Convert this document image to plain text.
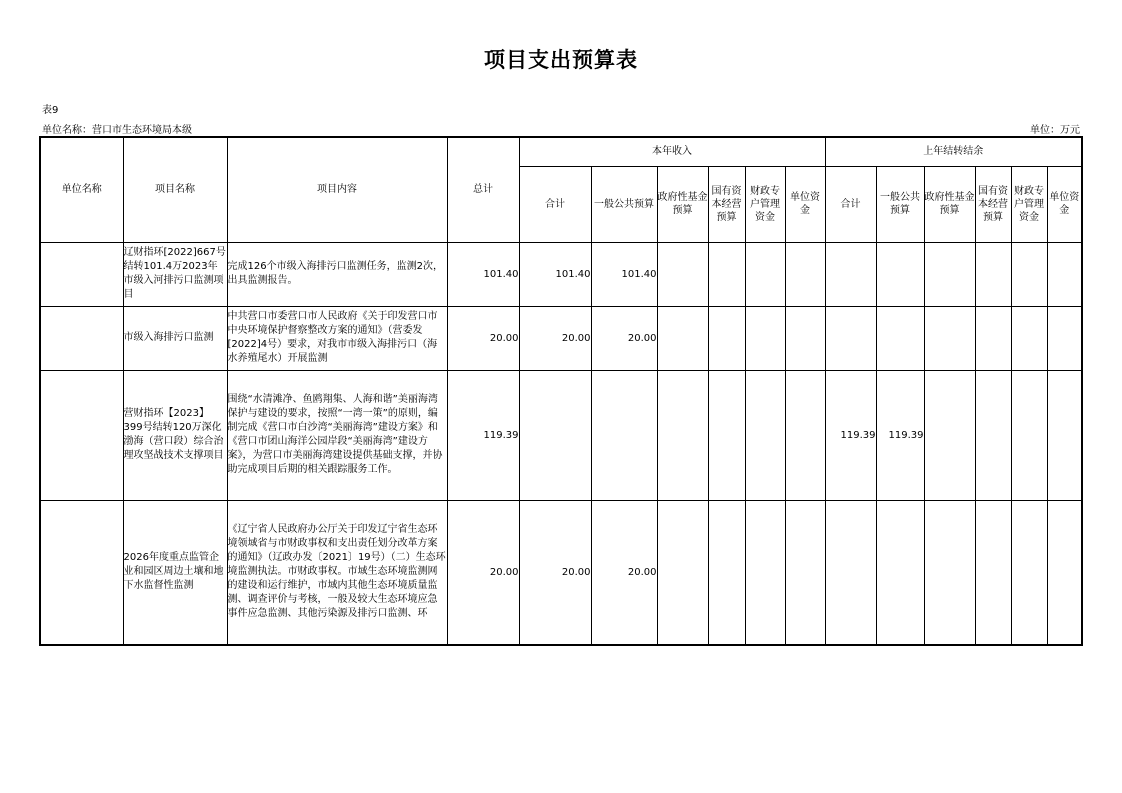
项目支出预算表
表9
单位名称：营口市生态环境局本级	单位：万元
单位名称	项目名称	项目内容	总计	本年收入						上年结转结余					
				合计	一般公共预算	政府性基金预算	国有资本经营预算	财政专户管理资金	单位资金	合计	一般公共预算	政府性基金预算	国有资本经营预算	财政专户管理资金	单位资金
	辽财指环[2022]667号结转101.4万2023年市级入河排污口监测项目	完成126个市级入海排污口监测任务，监测2次，出具监测报告。	101.40	101.40	101.40										
	市级入海排污口监测	中共营口市委营口市人民政府《关于印发营口市中央环境保护督察整改方案的通知》（营委发[2022]4号）要求，对我市市级入海排污口（海水养殖尾水）开展监测	20.00	20.00	20.00										
	营财指环【2023】399号结转120万深化渤海（营口段）综合治理攻坚战技术支撑项目	围绕“水清滩净、鱼鸥翔集、人海和谐”美丽海湾保护与建设的要求，按照“一湾一策”的原则，编制完成《营口市白沙湾“美丽海湾”建设方案》和《营口市团山海洋公园岸段“美丽海湾”建设方案》，为营口市美丽海湾建设提供基础支撑，并协助完成项目后期的相关跟踪服务工作。	119.39							119.39	119.39				
	2026年度重点监管企业和园区周边土壤和地下水监督性监测	《辽宁省人民政府办公厅关于印发辽宁省生态环境领域省与市财政事权和支出责任划分改革方案的通知》（辽政办发〔2021〕19号）（二）生态环境监测执法。市财政事权。市域生态环境监测网的建设和运行维护，市域内其他生态环境质量监测、调查评价与考核，一般及较大生态环境应急事件应急监测、其他污染源及排污口监测、环	20.00	20.00	20.00										
